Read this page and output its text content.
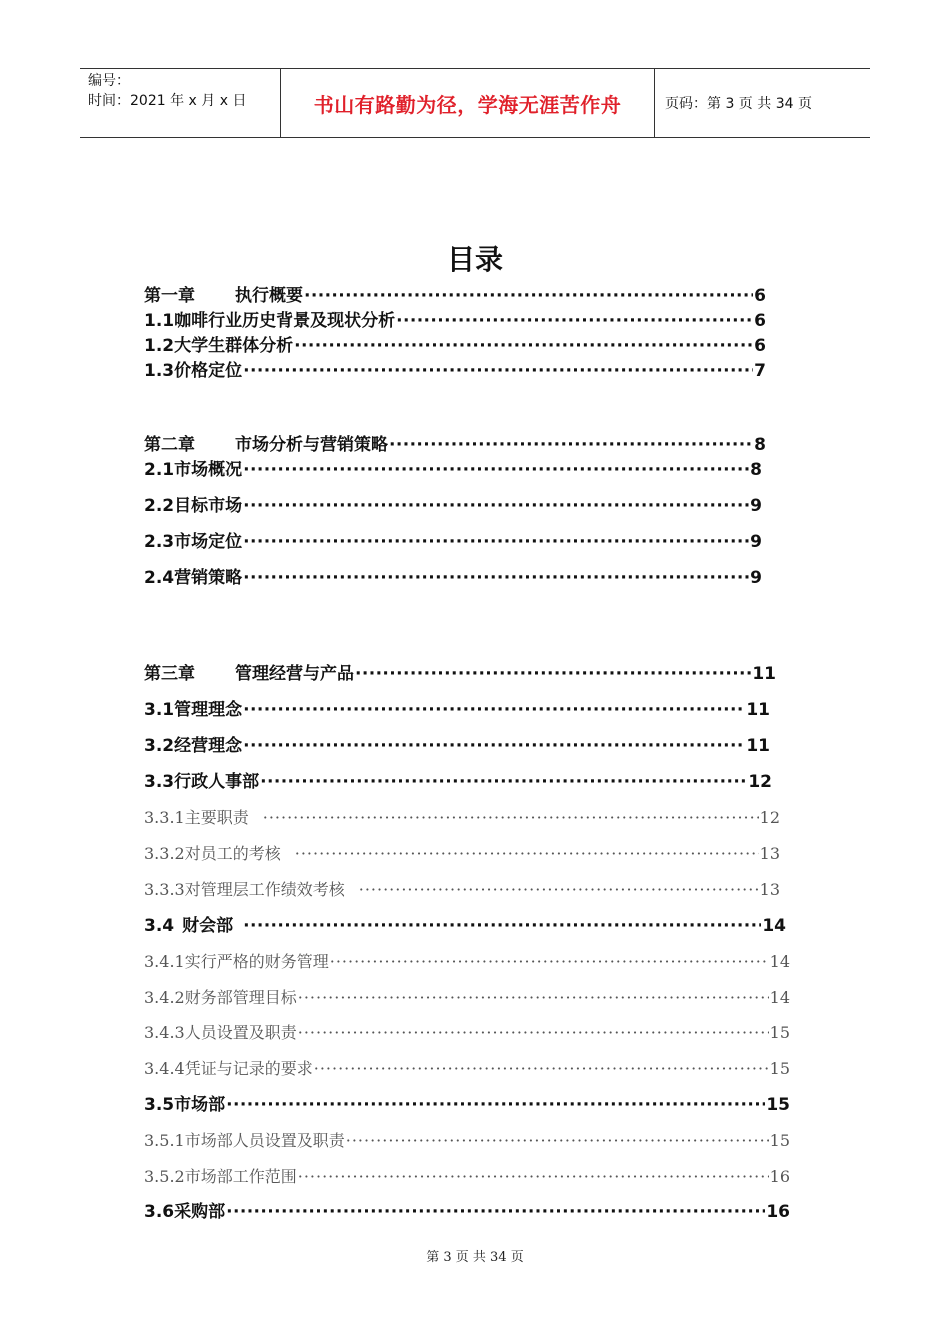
编号：
时间：2021 年 x 月 x 日	书山有路勤为径，学海无涯苦作舟	页码：第 3 页 共 34 页
目录
第一章 执行概要 ·····	6
1.1 咖啡行业历史背景及现状分析 ·····	6
1.2 大学生群体分析 ·····	6
1.3 价格定位 ·····	7
第二章 市场分析与营销策略 ·····	8
2.1 市场概况 ·····	8
2.2 目标市场 ·····	9
2.3 市场定位 ·····	9
2.4 营销策略 ·····	9
第三章 管理经营与产品 ·····	11
3.1 管理理念 ·····	11
3.2 经营理念 ·····	11
3.3 行政人事部 ·····	12
3.3.1 主要职责 ·····	12
3.3.2 对员工的考核 ·····	13
3.3.3 对管理层工作绩效考核 ·····	13
3.4 财会部 ·····	14
3.4.1 实行严格的财务管理 ·····	14
3.4.2 财务部管理目标 ·····	14
3.4.3 人员设置及职责 ·····	15
3.4.4 凭证与记录的要求 ·····	15
3.5 市场部 ·····	15
3.5.1 市场部人员设置及职责 ·····	15
3.5.2 市场部工作范围 ·····	16
3.6 采购部 ·····	16
第 3 页 共 34 页
